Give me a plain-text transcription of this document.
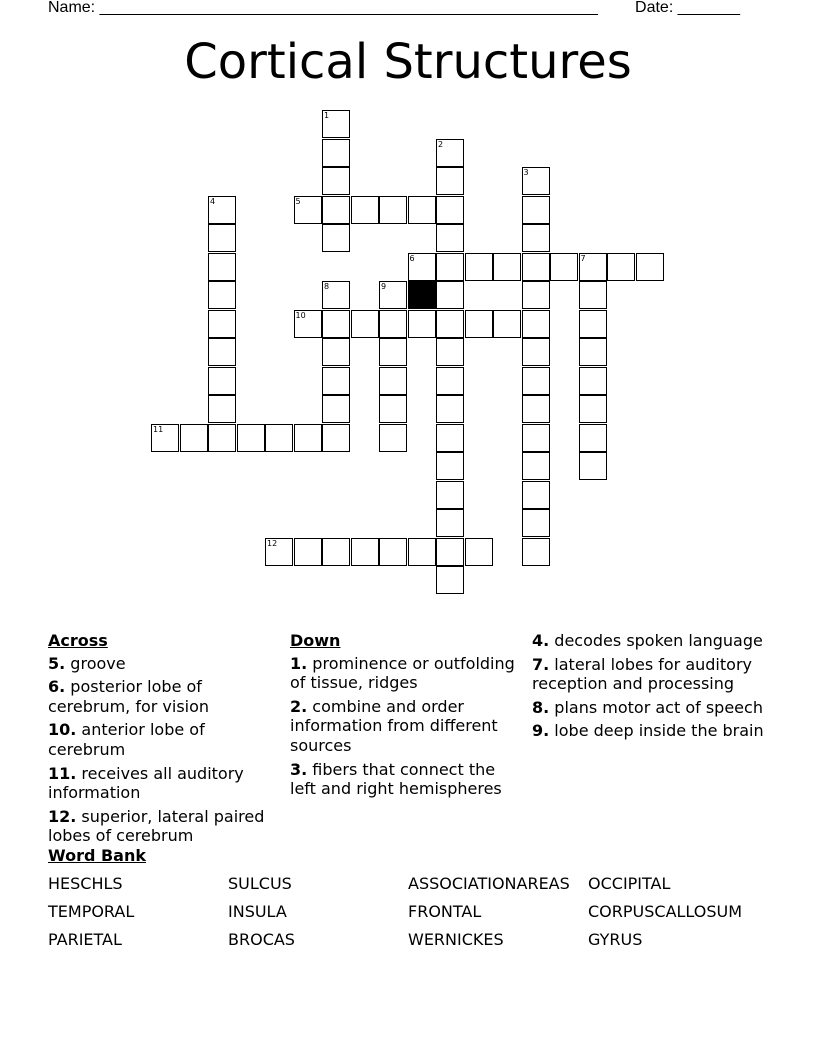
Name: ________________________________________________________ Date: _______
Cortical Structures
1
2
3
4	5
6	7
8	9
10
11
12
Across
5. groove
6. posterior lobe of cerebrum, for vision
10. anterior lobe of cerebrum
11. receives all auditory information
12. superior, lateral paired lobes of cerebrum
Down
1. prominence or outfolding of tissue, ridges
2. combine and order information from different sources
3. fibers that connect the left and right hemispheres
4. decodes spoken language
7. lateral lobes for auditory reception and processing
8. plans motor act of speech
9. lobe deep inside the brain
Word Bank
HESCHLS	SULCUS	ASSOCIATIONAREAS OCCIPITAL
TEMPORAL	INSULA	FRONTAL	CORPUSCALLOSUM
PARIETAL	BROCAS	WERNICKES	GYRUS
